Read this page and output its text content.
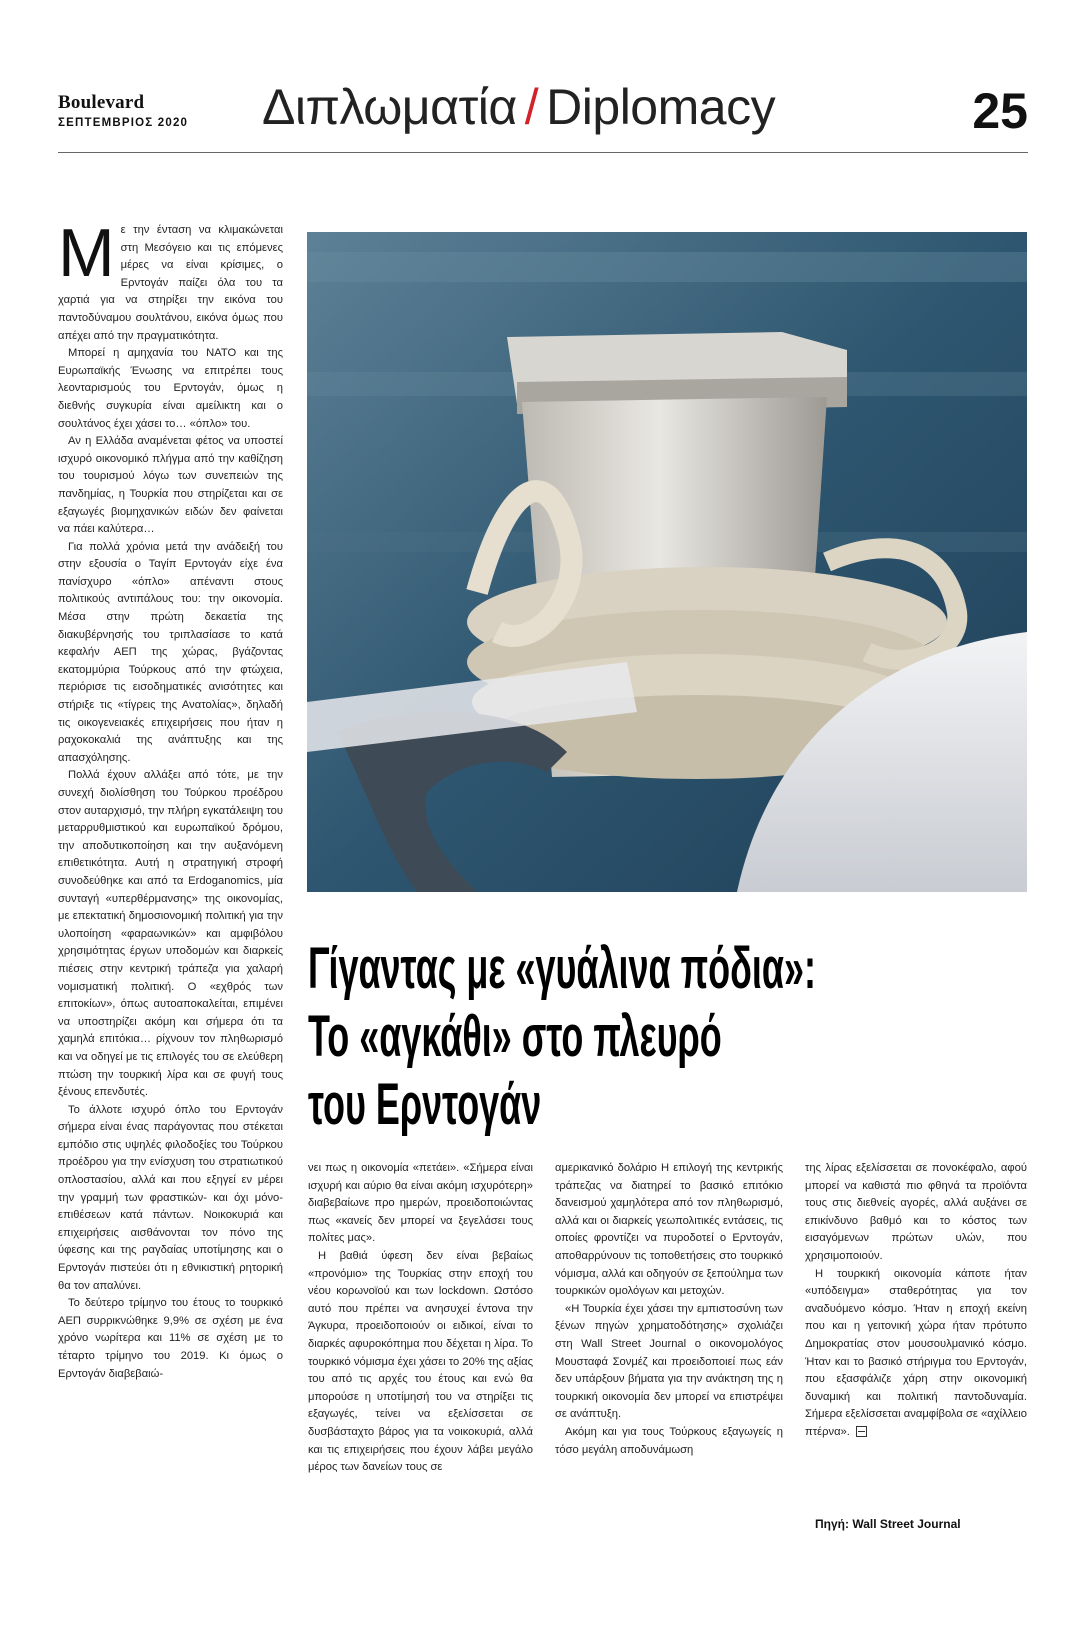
Boulevard
ΣΕΠΤΕΜΒΡΙΟΣ 2020 Διπλωματία / Diplomacy	25

Με την ένταση να κλιμακώνεται στη Μεσόγειο και τις επόμενες μέρες να είναι κρίσιμες, ο Ερντογάν παίζει όλα του τα χαρτιά για να στηρίξει την εικόνα του παντοδύναμου σουλτάνου, εικόνα όμως που απέχει από την πραγματικότητα.

Μπορεί η αμηχανία του ΝΑΤΟ και της Ευρωπαϊκής Ένωσης να επιτρέπει τους λεονταρισμούς του Ερντογάν, όμως η διεθνής συγκυρία είναι αμείλικτη και ο σουλτάνος έχει χάσει το… «όπλο» του.

Αν η Ελλάδα αναμένεται φέτος να υποστεί ισχυρό οικονομικό πλήγμα από την καθίζηση του τουρισμού λόγω των συνεπειών της πανδημίας, η Τουρκία που στηρίζεται και σε εξαγωγές βιομηχανικών ειδών δεν φαίνεται να πάει καλύτερα…

Για πολλά χρόνια μετά την ανάδειξή του στην εξουσία ο Ταγίπ Ερντογάν είχε ένα πανίσχυρο «όπλο» απέναντι στους πολιτικούς αντιπάλους του: την οικονομία. Μέσα στην πρώτη δεκαετία της διακυβέρνησής του τριπλασίασε το κατά κεφαλήν ΑΕΠ της χώρας, βγάζοντας εκατομμύρια Τούρκους από την φτώχεια, περιόρισε τις εισοδηματικές ανισότητες και στήριξε τις «τίγρεις της Ανατολίας», δηλαδή τις οικογενειακές επιχειρήσεις που ήταν η ραχοκοκαλιά της ανάπτυξης και της απασχόλησης.

Πολλά έχουν αλλάξει από τότε, με την συνεχή διολίσθηση του Τούρκου προέδρου στον αυταρχισμό, την πλήρη εγκατάλειψη του μεταρρυθμιστικού και ευρωπαϊκού δρόμου, την αποδυτικοποίηση και την αυξανόμενη επιθετικότητα. Αυτή η στρατηγική στροφή συνοδεύθηκε και από τα Erdoganomics, μία συνταγή «υπερθέρμανσης» της οικονομίας, με επεκτατική δημοσιονομική πολιτική για την υλοποίηση «φαραωνικών» και αμφιβόλου χρησιμότητας έργων υποδομών και διαρκείς πιέσεις στην κεντρική τράπεζα για χαλαρή νομισματική πολιτική. Ο «εχθρός των επιτοκίων», όπως αυτοαποκαλείται, επιμένει να υποστηρίζει ακόμη και σήμερα ότι τα χαμηλά επιτόκια… ρίχνουν τον πληθωρισμό και να οδηγεί με τις επιλογές του σε ελεύθερη πτώση την τουρκική λίρα και σε φυγή τους ξένους επενδυτές.

Το άλλοτε ισχυρό όπλο του Ερντογάν σήμερα είναι ένας παράγοντας που στέκεται εμπόδιο στις υψηλές φιλοδοξίες του Τούρκου προέδρου για την ενίσχυση του στρατιωτικού οπλοστασίου, αλλά και που εξηγεί εν μέρει την γραμμή των φραστικών- και όχι μόνο- επιθέσεων κατά πάντων. Νοικοκυριά και επιχειρήσεις αισθάνονται τον πόνο της ύφεσης και της ραγδαίας υποτίμησης και ο Ερντογάν πιστεύει ότι η εθνικιστική ρητορική θα τον απαλύνει.

Το δεύτερο τρίμηνο του έτους το τουρκικό ΑΕΠ συρρικνώθηκε 9,9% σε σχέση με ένα χρόνο νωρίτερα και 11% σε σχέση με το τέταρτο τρίμηνο του 2019. Κι όμως ο Ερντογάν διαβεβαιώ-

Γίγαντας με «γυάλινα πόδια»:
Το «αγκάθι» στο πλευρό
του Ερντογάν

νει πως η οικονομία «πετάει». «Σήμερα είναι ισχυρή και αύριο θα είναι ακόμη ισχυρότερη» διαβεβαίωνε προ ημερών, προειδοποιώντας πως «κανείς δεν μπορεί να ξεγελάσει τους πολίτες μας».

Η βαθιά ύφεση δεν είναι βεβαίως «προνόμιο» της Τουρκίας στην εποχή του νέου κορωνοϊού και των lockdown. Ωστόσο αυτό που πρέπει να ανησυχεί έντονα την Άγκυρα, προειδοποιούν οι ειδικοί, είναι το διαρκές αφυροκόπημα που δέχεται η λίρα. Το τουρκικό νόμισμα έχει χάσει το 20% της αξίας του από τις αρχές του έτους και ενώ θα μπορούσε η υποτίμησή του να στηρίξει τις εξαγωγές, τείνει να εξελίσσεται σε δυσβάσταχτο βάρος για τα νοικοκυριά, αλλά και τις επιχειρήσεις που έχουν λάβει μεγάλο μέρος των δανείων τους σε

αμερικανικό δολάριο Η επιλογή της κεντρικής τράπεζας να διατηρεί το βασικό επιτόκιο δανεισμού χαμηλότερα από τον πληθωρισμό, αλλά και οι διαρκείς γεωπολιτικές εντάσεις, τις οποίες φροντίζει να πυροδοτεί ο Ερντογάν, αποθαρρύνουν τις τοποθετήσεις στο τουρκικό νόμισμα, αλλά και οδηγούν σε ξεπούλημα των τουρκικών ομολόγων και μετοχών.

«Η Τουρκία έχει χάσει την εμπιστοσύνη των ξένων πηγών χρηματοδότησης» σχολιάζει στη Wall Street Journal ο οικονομολόγος Μουσταφά Σονμέζ και προειδοποιεί πως εάν δεν υπάρξουν βήματα για την ανάκτηση της η τουρκική οικονομία δεν μπορεί να επιστρέψει σε ανάπτυξη.

Ακόμη και για τους Τούρκους εξαγωγείς η τόσο μεγάλη αποδυνάμωση

της λίρας εξελίσσεται σε πονοκέφαλο, αφού μπορεί να καθιστά πιο φθηνά τα προϊόντα τους στις διεθνείς αγορές, αλλά αυξάνει σε επικίνδυνο βαθμό και το κόστος των εισαγόμενων πρώτων υλών, που χρησιμοποιούν.

Η τουρκική οικονομία κάποτε ήταν «υπόδειγμα» σταθερότητας για τον αναδυόμενο κόσμο. Ήταν η εποχή εκείνη που και η γειτονική χώρα ήταν πρότυπο Δημοκρατίας στον μουσουλμανικό κόσμο. Ήταν και το βασικό στήριγμα του Ερντογάν, που εξασφάλιζε χάρη στην οικονομική δυναμική και πολιτική παντοδυναμία. Σήμερα εξελίσσεται αναμφίβολα σε «αχίλλειο πτέρνα».

Πηγή: Wall Street Journal
